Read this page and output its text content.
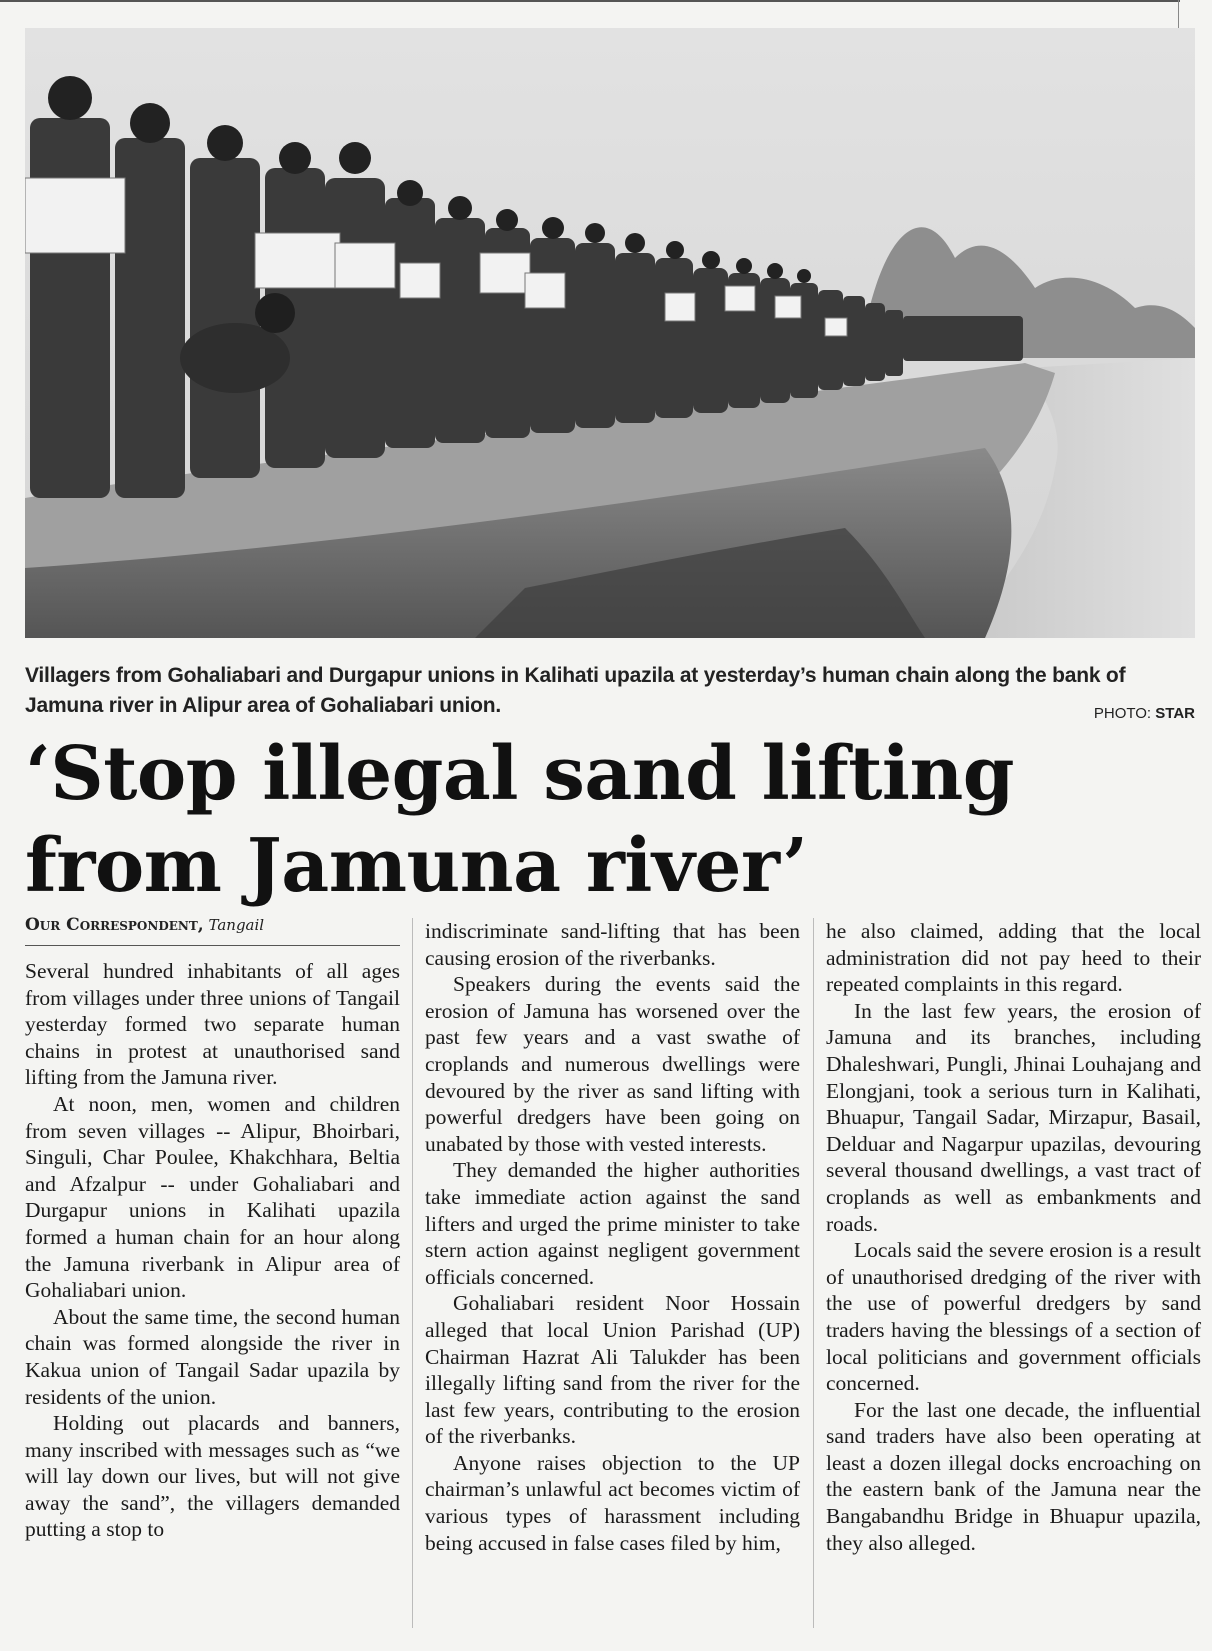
Villagers from Gohaliabari and Durgapur unions in Kalihati upazila at yesterday’s human chain along the bank of Jamuna river in Alipur area of Gohaliabari union.	PHOTO: STAR
‘Stop illegal sand lifting from Jamuna river’
Our Correspondent, Tangail

Several hundred inhabitants of all ages from villages under three unions of Tangail yesterday formed two separate human chains in protest at unauthorised sand lifting from the Jamuna river.

At noon, men, women and children from seven villages -- Alipur, Bhoirbari, Singuli, Char Poulee, Khakchhara, Beltia and Afzalpur -- under Gohaliabari and Durgapur unions in Kalihati upazila formed a human chain for an hour along the Jamuna riverbank in Alipur area of Gohaliabari union.

About the same time, the second human chain was formed alongside the river in Kakua union of Tangail Sadar upazila by residents of the union.

Holding out placards and banners, many inscribed with messages such as “we will lay down our lives, but will not give away the sand”, the villagers demanded putting a stop to

indiscriminate sand-lifting that has been causing erosion of the riverbanks.

Speakers during the events said the erosion of Jamuna has worsened over the past few years and a vast swathe of croplands and numerous dwellings were devoured by the river as sand lifting with powerful dredgers have been going on unabated by those with vested interests.

They demanded the higher authorities take immediate action against the sand lifters and urged the prime minister to take stern action against negligent government officials concerned.

Gohaliabari resident Noor Hossain alleged that local Union Parishad (UP) Chairman Hazrat Ali Talukder has been illegally lifting sand from the river for the last few years, contributing to the erosion of the riverbanks.

Anyone raises objection to the UP chairman’s unlawful act becomes victim of various types of harassment including being accused in false cases filed by him,

he also claimed, adding that the local administration did not pay heed to their repeated complaints in this regard.

In the last few years, the erosion of Jamuna and its branches, including Dhaleshwari, Pungli, Jhinai Louhajang and Elongjani, took a serious turn in Kalihati, Bhuapur, Tangail Sadar, Mirzapur, Basail, Delduar and Nagarpur upazilas, devouring several thousand dwellings, a vast tract of croplands as well as embankments and roads.

Locals said the severe erosion is a result of unauthorised dredging of the river with the use of powerful dredgers by sand traders having the blessings of a section of local politicians and government officials concerned.

For the last one decade, the influential sand traders have also been operating at least a dozen illegal docks encroaching on the eastern bank of the Jamuna near the Bangabandhu Bridge in Bhuapur upazila, they also alleged.
